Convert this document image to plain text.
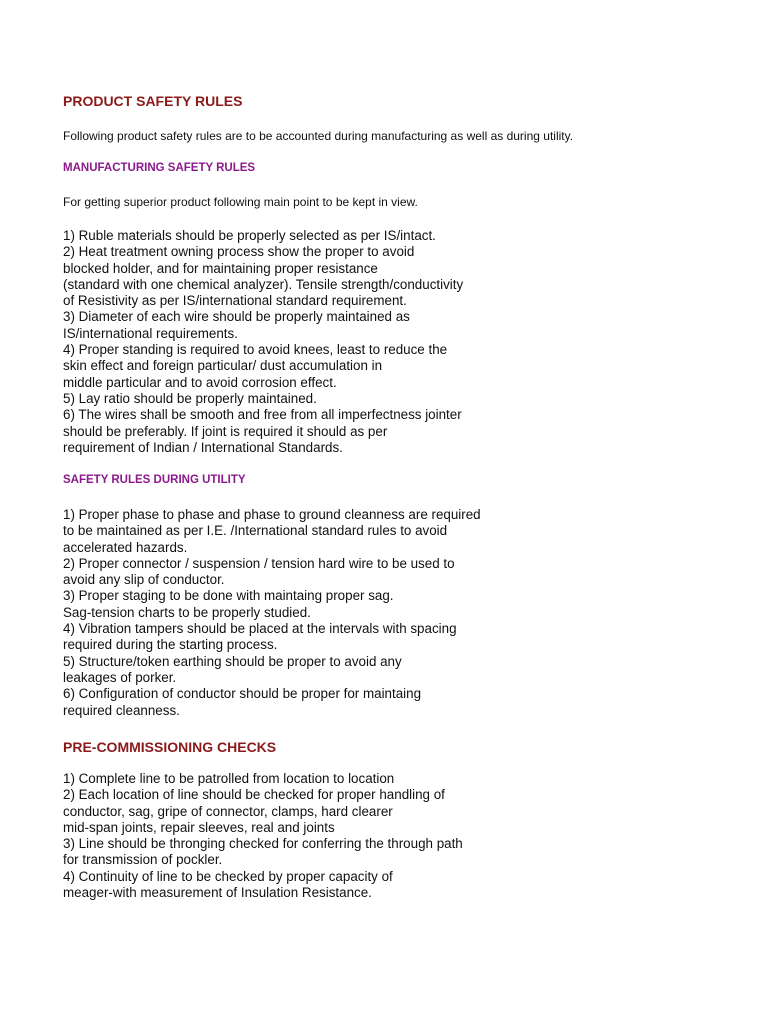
PRODUCT SAFETY RULES

Following product safety rules are to be accounted during manufacturing as well as during utility.

MANUFACTURING SAFETY RULES

For getting superior product following main point to be kept in view.

1) Ruble materials should be properly selected as per IS/intact.
2) Heat treatment owning process show the proper to avoid
blocked holder, and for maintaining proper resistance
(standard with one chemical analyzer). Tensile strength/conductivity
of Resistivity as per IS/international standard requirement.
3) Diameter of each wire should be properly maintained as
IS/international requirements.
4) Proper standing is required to avoid knees, least to reduce the
skin effect and foreign particular/ dust accumulation in
middle particular and to avoid corrosion effect.
5) Lay ratio should be properly maintained.
6) The wires shall be smooth and free from all imperfectness jointer
should be preferably. If joint is required it should as per
requirement of Indian / International Standards.
SAFETY RULES DURING UTILITY
1) Proper phase to phase and phase to ground cleanness are required
to be maintained as per I.E. /International standard rules to avoid
accelerated hazards.
2) Proper connector / suspension / tension hard wire to be used to
avoid any slip of conductor.
3) Proper staging to be done with maintaing proper sag.
Sag-tension charts to be properly studied.
4) Vibration tampers should be placed at the intervals with spacing
required during the starting process.
5) Structure/token earthing should be proper to avoid any
leakages of porker.
6) Configuration of conductor should be proper for maintaing
required cleanness.
PRE-COMMISSIONING CHECKS
1) Complete line to be patrolled from location to location
2) Each location of line should be checked for proper handling of
conductor, sag, gripe of connector, clamps, hard clearer
mid-span joints, repair sleeves, real and joints
3) Line should be thronging checked for conferring the through path
for transmission of pockler.
4) Continuity of line to be checked by proper capacity of
meager-with measurement of Insulation Resistance.
